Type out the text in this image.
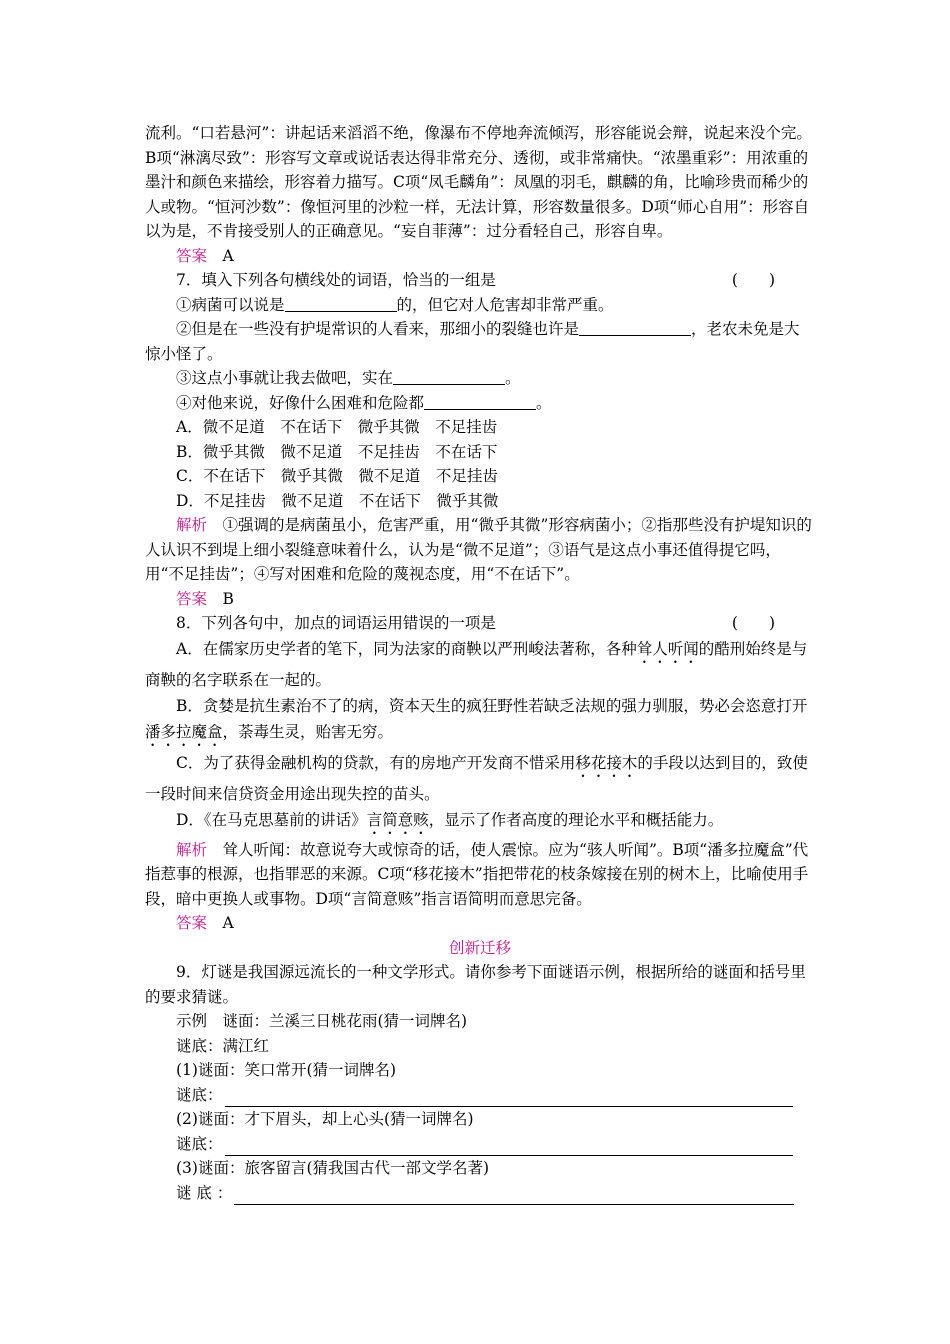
流利。“口若悬河”：讲起话来滔滔不绝，像瀑布不停地奔流倾泻，形容能说会辩，说起来没个完。B项“淋漓尽致”：形容写文章或说话表达得非常充分、透彻，或非常痛快。“浓墨重彩”：用浓重的墨汁和颜色来描绘，形容着力描写。C项“凤毛麟角”：凤凰的羽毛，麒麟的角，比喻珍贵而稀少的人或物。“恒河沙数”：像恒河里的沙粒一样，无法计算，形容数量很多。D项“师心自用”：形容自以为是，不肯接受别人的正确意见。“妄自菲薄”：过分看轻自己，形容自卑。

答案　 A

7．填入下列各句横线处的词语，恰当的一组是	(　　)

①病菌可以说是	的，但它对人危害却非常严重。

②但是在一些没有护堤常识的人看来，那细小的裂缝也许是	，老农未免是大惊小怪了。

③这点小事就让我去做吧，实在	。

④对他来说，好像什么困难和危险都	。

A．微不足道　不在话下　微乎其微　不足挂齿

B．微乎其微　微不足道　不足挂齿　不在话下

C．不在话下　微乎其微　微不足道　不足挂齿

D．不足挂齿　微不足道　不在话下　微乎其微

解析　 ①强调的是病菌虽小，危害严重，用“微乎其微”形容病菌小；②指那些没有护堤知识的人认识不到堤上细小裂缝意味着什么，认为是“微不足道”；③语气是这点小事还值得提它吗，用“不足挂齿”；④写对困难和危险的蔑视态度，用“不在话下”。

答案　 B

8．下列各句中，加点的词语运用错误的一项是	(　　)

A．在儒家历史学者的笔下，同为法家的商鞅以严刑峻法著称，各种耸人听闻的酷刑始终是与商鞅的名字联系在一起的。

B．贪婪是抗生素治不了的病，资本天生的疯狂野性若缺乏法规的强力驯服，势必会恣意打开潘多拉魔盒，荼毒生灵，贻害无穷。

C．为了获得金融机构的贷款，有的房地产开发商不惜采用移花接木的手段以达到目的，致使一段时间来信贷资金用途出现失控的苗头。

D．《在马克思墓前的讲话》言简意赅，显示了作者高度的理论水平和概括能力。

解析　 耸人听闻：故意说夸大或惊奇的话，使人震惊。应为“骇人听闻”。B项“潘多拉魔盒”代指惹事的根源，也指罪恶的来源。C项“移花接木”指把带花的枝条嫁接在别的树木上，比喻使用手段，暗中更换人或事物。D项“言简意赅”指言语简明而意思完备。

答案　 A

创新迁移

9．灯谜是我国源远流长的一种文学形式。请你参考下面谜语示例，根据所给的谜面和括号里的要求猜谜。

示例　谜面：兰溪三日桃花雨(猜一词牌名)

谜底：满江红

(1)谜面：笑口常开(猜一词牌名)

谜底：

(2)谜面：才下眉头，却上心头(猜一词牌名)

谜底：

(3)谜面：旅客留言(猜我国古代一部文学名著)

谜 底 ：
